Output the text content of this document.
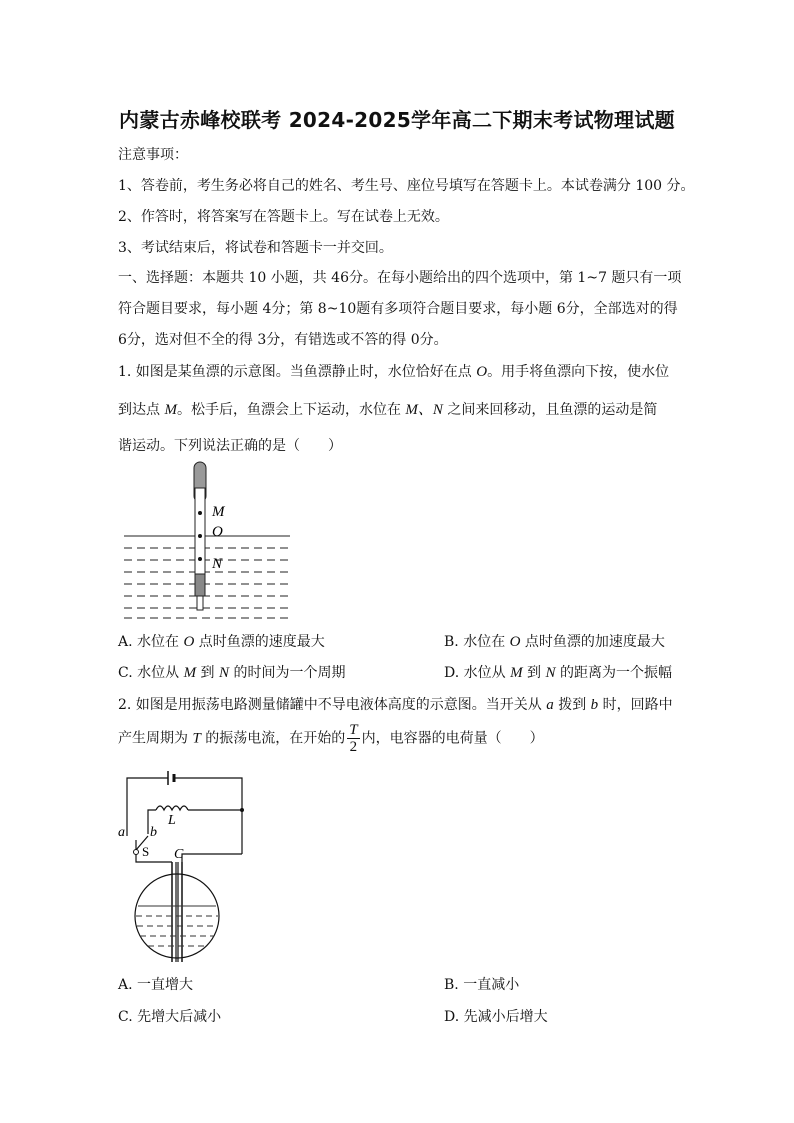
内蒙古赤峰校联考 2024-2025学年高二下期末考试物理试题
注意事项：
1、答卷前，考生务必将自己的姓名、考生号、座位号填写在答题卡上。本试卷满分 100 分。
2、作答时，将答案写在答题卡上。写在试卷上无效。
3、考试结束后，将试卷和答题卡一并交回。
一、选择题：本题共 10 小题，共 46分。在每小题给出的四个选项中，第 1~7 题只有一项
符合题目要求，每小题 4分；第 8~10题有多项符合题目要求，每小题 6分，全部选对的得
6分，选对但不全的得 3分，有错选或不答的得 0分。
1. 如图是某鱼漂的示意图。当鱼漂静止时，水位恰好在点 O。用手将鱼漂向下按，使水位
到达点 M。松手后，鱼漂会上下运动，水位在 M、N 之间来回移动，且鱼漂的运动是简
谐运动。下列说法正确的是（　　）
M
O
N
A. 水位在 O 点时鱼漂的速度最大	B. 水位在 O 点时鱼漂的加速度最大
C. 水位从 M 到 N 的时间为一个周期	D. 水位从 M 到 N 的距离为一个振幅
2. 如图是用振荡电路测量储罐中不导电液体高度的示意图。当开关从 a 拨到 b 时，回路中
产生周期为 T 的振荡电流，在开始的 $\frac{T}{2}$ 内，电容器的电荷量（　　）
a b
L
S C
A. 一直增大	B. 一直减小
C. 先增大后减小	D. 先减小后增大
